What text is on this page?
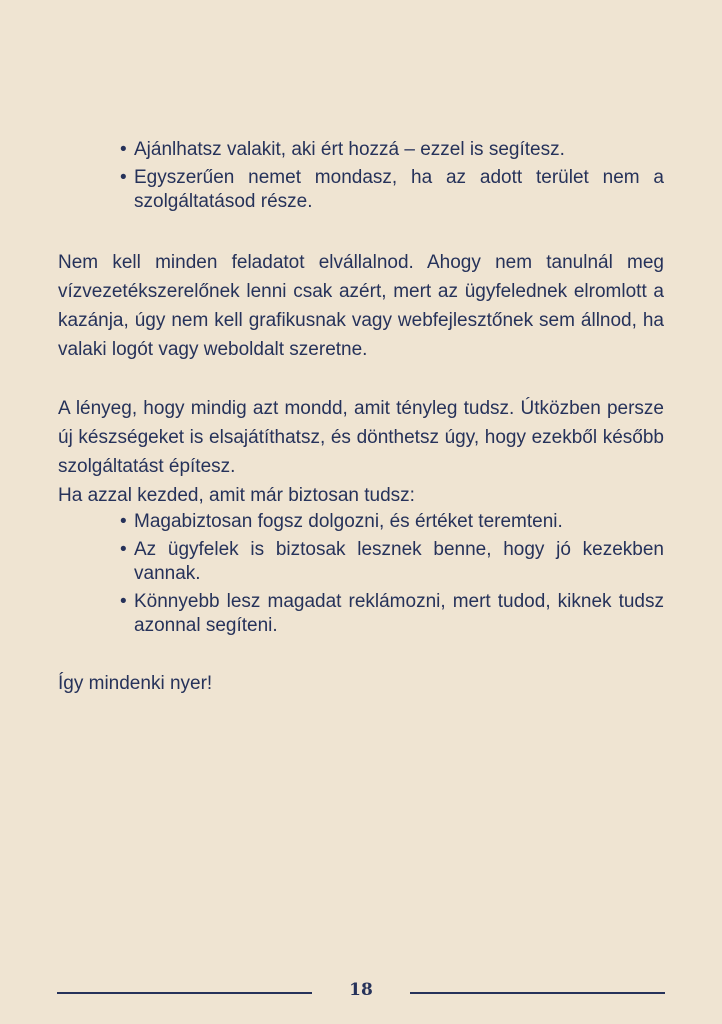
• Ajánlhatsz valakit, aki ért hozzá – ezzel is segítesz.
• Egyszerűen nemet mondasz, ha az adott terület nem a szolgáltatásod része.

Nem kell minden feladatot elvállalnod. Ahogy nem tanulnál meg vízvezetékszerelőnek lenni csak azért, mert az ügyfelednek elromlott a kazánja, úgy nem kell grafikusnak vagy webfejlesztőnek sem állnod, ha valaki logót vagy weboldalt szeretne.

A lényeg, hogy mindig azt mondd, amit tényleg tudsz. Útközben persze új készségeket is elsajátíthatsz, és dönthetsz úgy, hogy ezekből később szolgáltatást építesz.

Ha azzal kezded, amit már biztosan tudsz:

• Magabiztosan fogsz dolgozni, és értéket teremteni.
• Az ügyfelek is biztosak lesznek benne, hogy jó kezekben vannak.
• Könnyebb lesz magadat reklámozni, mert tudod, kiknek tudsz azonnal segíteni.

Így mindenki nyer!

18
